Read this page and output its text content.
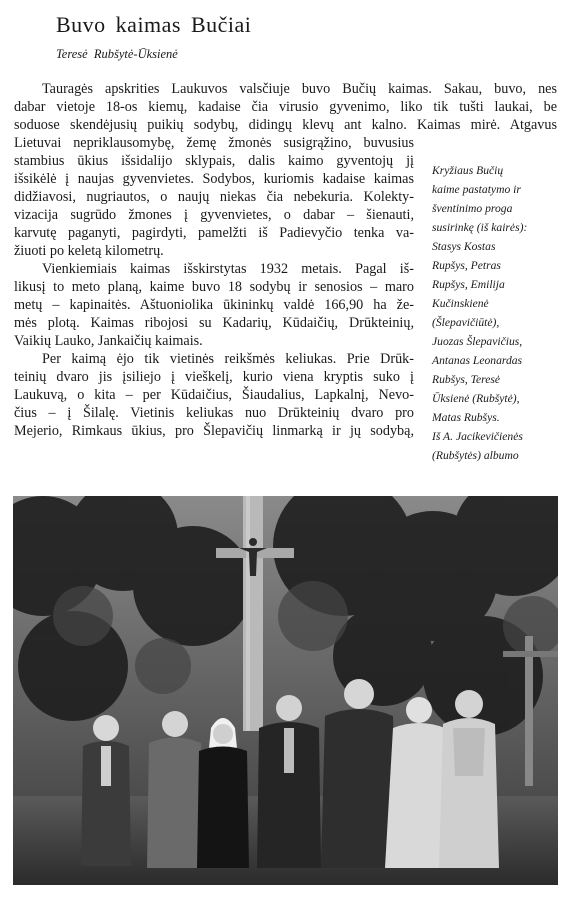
Buvo kaimas Bučiai
Teresė Rubšytė-Ūksienė
Tauragės apskrities Laukuvos valsčiuje buvo Bučių kaimas. Sakau, buvo, nes
dabar vietoje 18-os kiemų, kadaise čia virusio gyvenimo, liko tik tušti laukai, be
soduose skendėjusių puikių sodybų, didingų klevų ant kalno. Kaimas mirė. Atgavus
Lietuvai nepriklausomybę, žemę žmonės susigrąžino, buvusius
stambius ūkius išsidalijo sklypais, dalis kaimo gyventojų jį
išsikėlė į naujas gyvenvietes. Sodybos, kuriomis kadaise kaimas
didžiavosi, nugriautos, o naujų niekas čia nebekuria. Kolekty-
vizacija sugrūdo žmones į gyvenvietes, o dabar – šienauti,
karvutę paganyti, pagirdyti, pamelžti iš Padievyčio tenka va-
žiuoti po keletą kilometrų.
Vienkiemiais kaimas išskirstytas 1932 metais. Pagal iš-
likusį to meto planą, kaime buvo 18 sodybų ir senosios – maro
metų – kapinaitės. Aštuoniolika ūkininkų valdė 166,90 ha že-
mės plotą. Kaimas ribojosi su Kadarių, Kūdaičių, Drūkteinių,
Vaikių Lauko, Jankaičių kaimais.
Per kaimą ėjo tik vietinės reikšmės keliukas. Prie Drūk-
teinių dvaro jis įsiliejo į vieškelį, kurio viena kryptis suko į
Laukuvą, o kita – per Kūdaičius, Šiaudalius, Lapkalnį, Nevo-
čius – į Šilalę. Vietinis keliukas nuo Drūkteinių dvaro pro
Mejerio, Rimkaus ūkius, pro Šlepavičių linmarką ir jų sodybą,
Kryžiaus Bučių
kaime pastatymo ir
šventinimo proga
susirinkę (iš kairės):
Stasys Kostas
Rupšys, Petras
Rupšys, Emilija
Kučinskienė
(Šlepavičiūtė),
Juozas Šlepavičius,
Antanas Leonardas
Rubšys, Teresė
Ūksienė (Rubšytė),
Matas Rubšys.
Iš A. Jacikevičienės
(Rubšytės) albumo
